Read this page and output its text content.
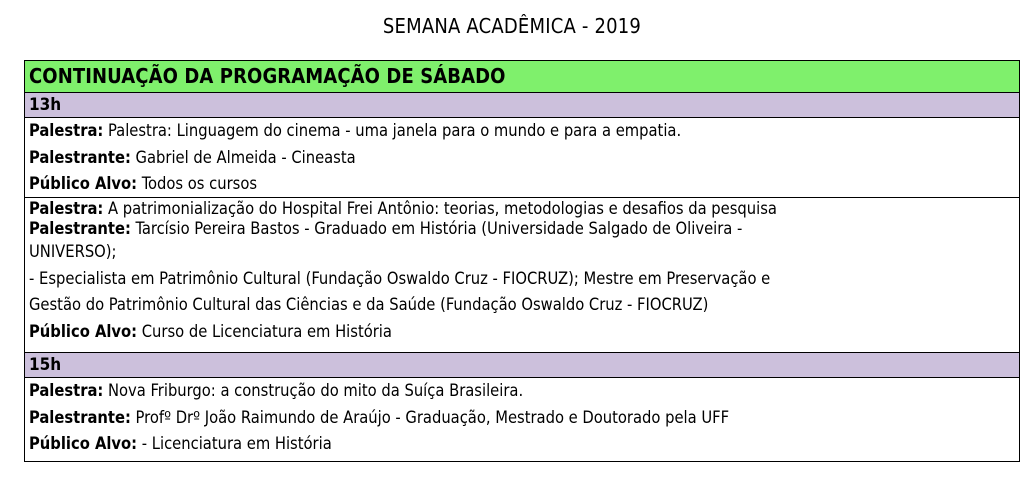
SEMANA ACADÊMICA - 2019
CONTINUAÇÃO DA PROGRAMAÇÃO DE SÁBADO
13h
Palestra: Palestra: Linguagem do cinema - uma janela para o mundo e para a empatia.
Palestrante: Gabriel de Almeida - Cineasta
Público Alvo: Todos os cursos
Palestra: A patrimonialização do Hospital Frei Antônio: teorias, metodologias e desafios da pesquisa
Palestrante: Tarcísio Pereira Bastos - Graduado em História (Universidade Salgado de Oliveira -
UNIVERSO);
- Especialista em Patrimônio Cultural (Fundação Oswaldo Cruz - FIOCRUZ); Mestre em Preservação e
Gestão do Patrimônio Cultural das Ciências e da Saúde (Fundação Oswaldo Cruz - FIOCRUZ)
Público Alvo: Curso de Licenciatura em História
15h
Palestra: Nova Friburgo: a construção do mito da Suíça Brasileira.
Palestrante: Profº Drº João Raimundo de Araújo - Graduação, Mestrado e Doutorado pela UFF
Público Alvo: - Licenciatura em História
